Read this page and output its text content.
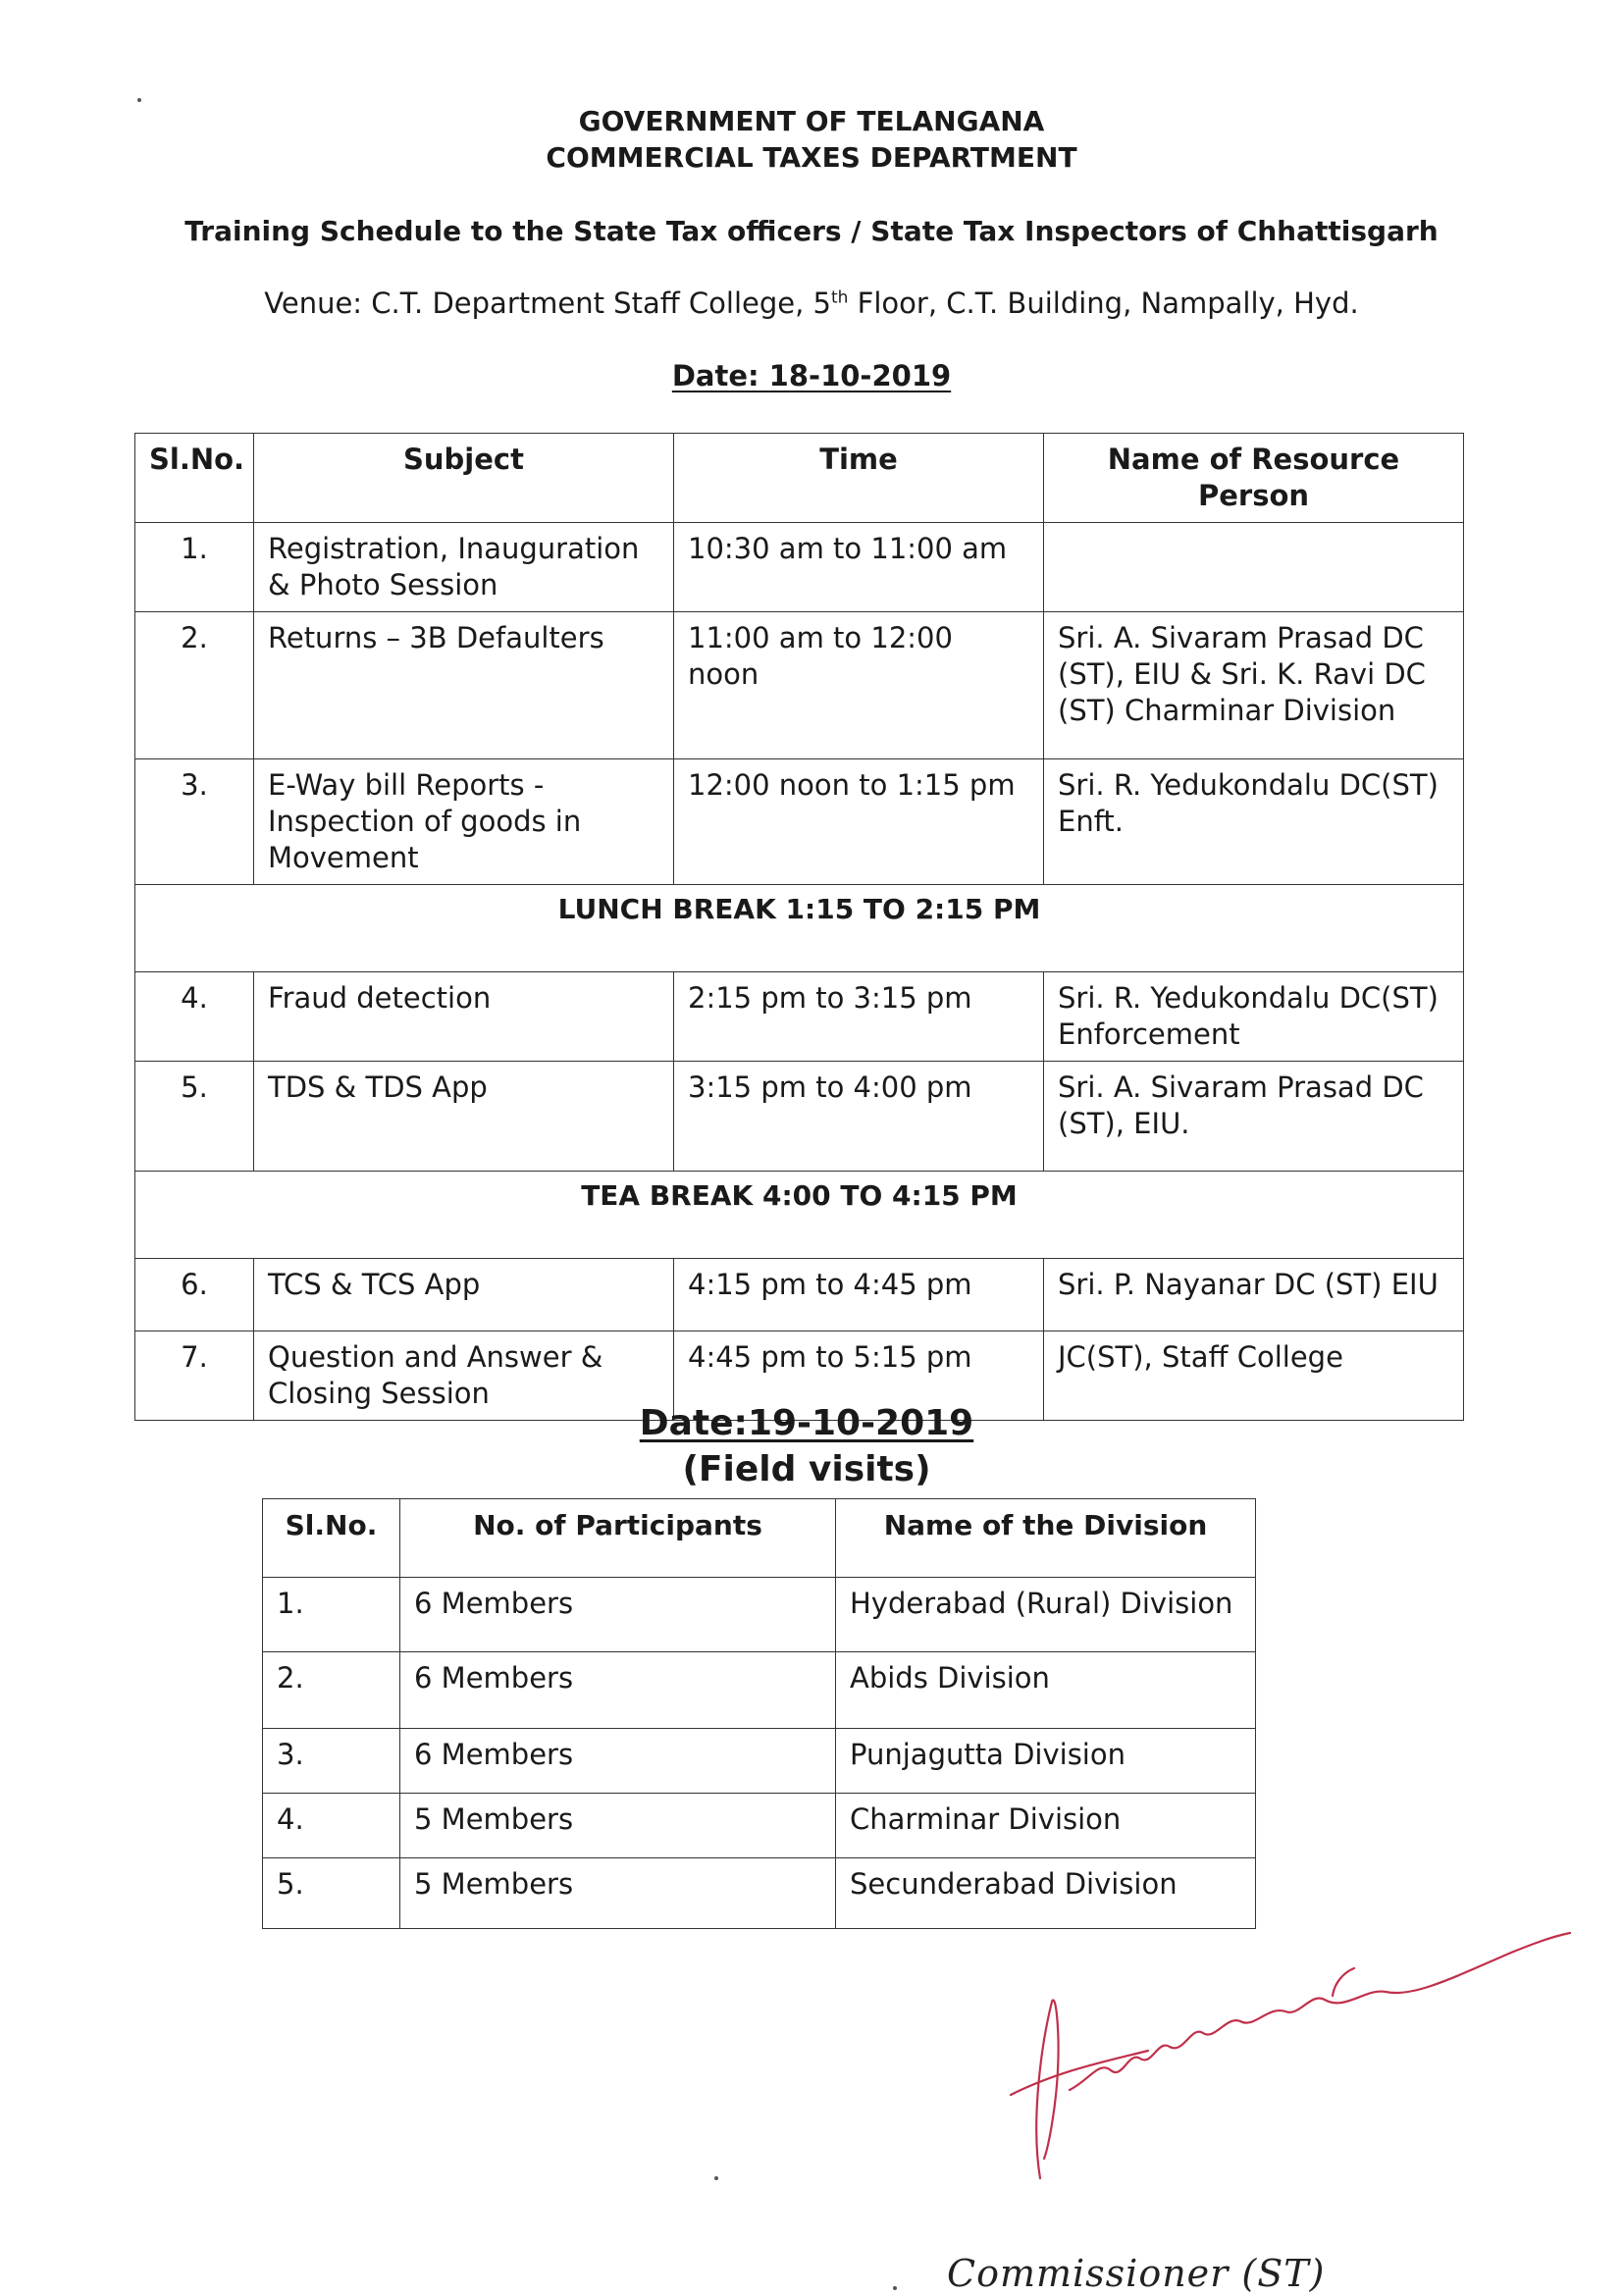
GOVERNMENT OF TELANGANA
COMMERCIAL TAXES DEPARTMENT
Training Schedule to the State Tax officers / State Tax Inspectors of Chhattisgarh
Venue: C.T. Department Staff College, 5th Floor, C.T. Building, Nampally, Hyd.
Date: 18-10-2019
Sl.No.	Subject	Time	Name of Resource Person
1.	Registration, Inauguration & Photo Session	10:30 am to 11:00 am	
2.	Returns – 3B Defaulters	11:00 am to 12:00 noon	Sri. A. Sivaram Prasad DC (ST), EIU & Sri. K. Ravi DC (ST) Charminar Division
3.	E-Way bill Reports - Inspection of goods in Movement	12:00 noon to 1:15 pm	Sri. R. Yedukondalu DC(ST) Enft.
LUNCH BREAK 1:15 TO 2:15 PM			
4.	Fraud detection	2:15 pm to 3:15 pm	Sri. R. Yedukondalu DC(ST) Enforcement
5.	TDS & TDS App	3:15 pm to 4:00 pm	Sri. A. Sivaram Prasad DC (ST), EIU.
TEA BREAK 4:00 TO 4:15 PM			
6.	TCS & TCS App	4:15 pm to 4:45 pm	Sri. P. Nayanar DC (ST) EIU
7.	Question and Answer & Closing Session	4:45 pm to 5:15 pm	JC(ST), Staff College
Date:19-10-2019
(Field visits)
Sl.No.	No. of Participants	Name of the Division
1.	6 Members	Hyderabad (Rural) Division
2.	6 Members	Abids Division
3.	6 Members	Punjagutta Division
4.	5 Members	Charminar Division
5.	5 Members	Secunderabad Division
Commissioner (ST)
